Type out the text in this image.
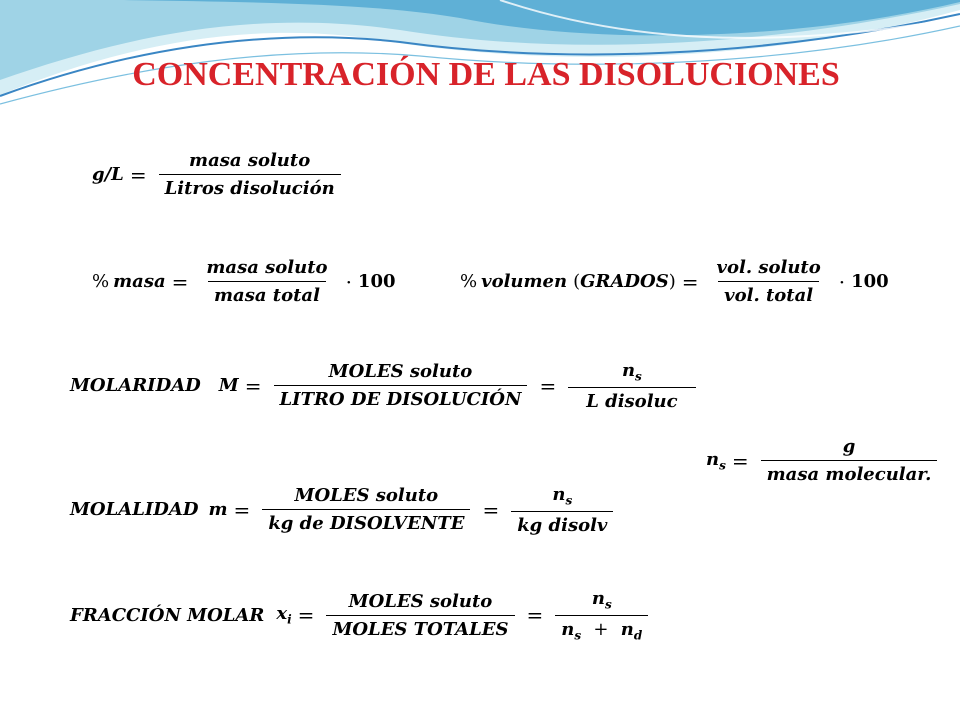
CONCENTRACIÓN DE LAS DISOLUCIONES
$g/L = \frac{\text{masa soluto}}{\text{Litros disolución}}$
% masa = $\frac{\text{masa soluto}}{\text{masa total}} \cdot 100$	% volumen ( GRADOS ) = $\frac{\text{vol. soluto}}{\text{vol. total}} \cdot 100$
MOLARIDAD $M = \frac{\text{MOLES soluto}}{\text{LITRO DE DISOLUCIÓN}} = \frac{n_s}{\text{L disoluc}}$
$n_s = \frac{g}{\text{masa molecular.}}$
MOLALIDAD $m = \frac{\text{MOLES soluto}}{\text{kg de DISOLVENTE}} = \frac{n_s}{\text{kg disolv}}$
FRACCIÓN MOLAR $x_i = \frac{\text{MOLES soluto}}{\text{MOLES TOTALES}} = \frac{n_s}{n_s + n_d}$
